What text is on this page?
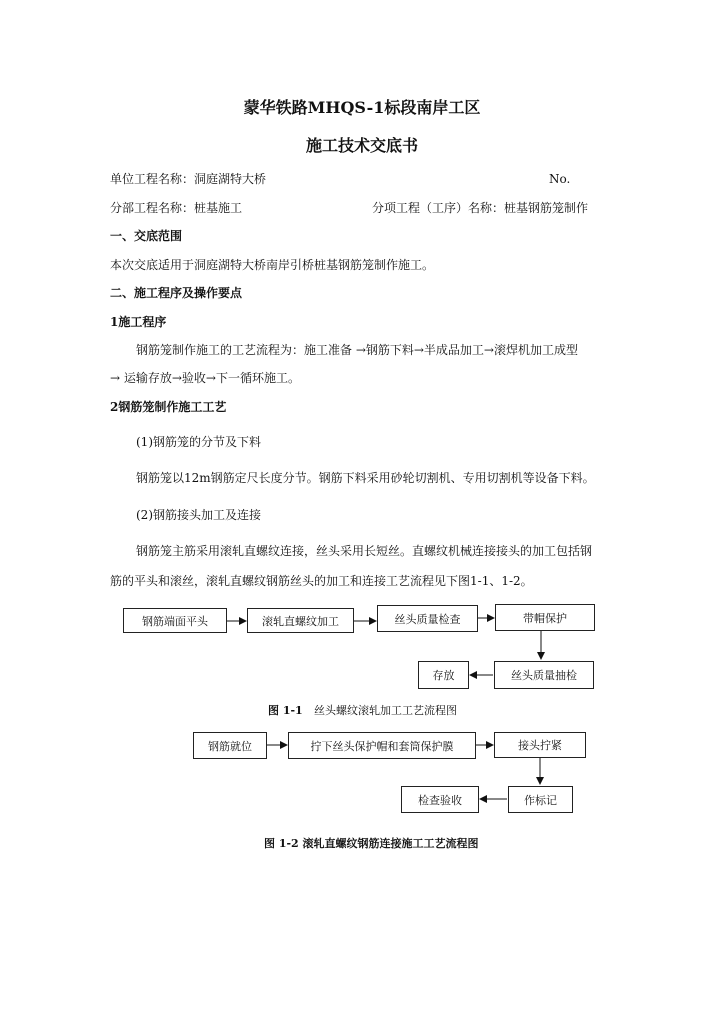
蒙华铁路MHQS-1标段南岸工区
施工技术交底书
单位工程名称：洞庭湖特大桥	No.
分部工程名称：桩基施工	分项工程（工序）名称：桩基钢筋笼制作
一、交底范围
本次交底适用于洞庭湖特大桥南岸引桥桩基钢筋笼制作施工。
二、施工程序及操作要点
1施工程序
钢筋笼制作施工的工艺流程为：施工准备 →钢筋下料→半成品加工→滚焊机加工成型
→ 运输存放→验收→下一循环施工。
2钢筋笼制作施工工艺
(1)钢筋笼的分节及下料
钢筋笼以12m钢筋定尺长度分节。钢筋下料采用砂轮切割机、专用切割机等设备下料。
(2)钢筋接头加工及连接
钢筋笼主筋采用滚轧直螺纹连接，丝头采用长短丝。直螺纹机械连接接头的加工包括钢
筋的平头和滚丝，滚轧直螺纹钢筋丝头的加工和连接工艺流程见下图1-1、1-2。
钢筋端面平头	滚轧直螺纹加工	丝头质量检查	带帽保护
丝头质量抽检
存放
图 1-1 丝头螺纹滚轧加工工艺流程图
钢筋就位	拧下丝头保护帽和套筒保护膜	接头拧紧
作标记
检查验收
图 1-2 滚轧直螺纹钢筋连接施工工艺流程图
